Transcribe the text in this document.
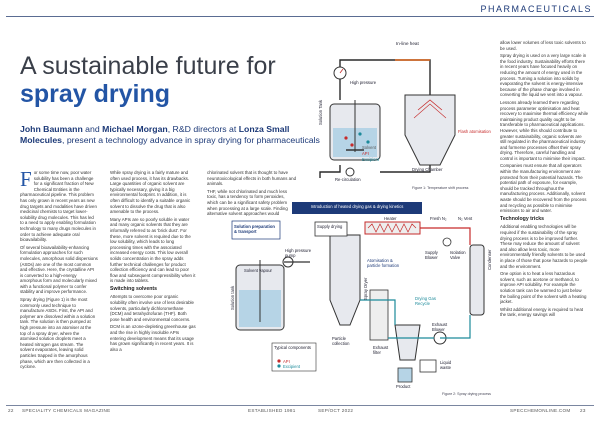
PHARMACEUTICALS
A sustainable future for spray drying
John Baumann and Michael Morgan, R&D directors at Lonza Small Molecules, present a technology advance in spray drying for pharmaceuticals

For some time now, poor water solubility has been a challenge for a significant fraction of New Chemical Entities in the pharmaceutical pipeline. This problem has only grown in recent years as new drug targets and modalities have driven medicinal chemists to target lower-solubility drug molecules. This has led to a need to apply enabling formulation technology to many drugs molecules in order to achieve adequate oral bioavailability.

Of several bioavailability-enhancing formulation approaches for such molecules, amorphous solid dispersions (ASDs) are one of the most common and effective. Here, the crystalline API is converted to a high-energy amorphous form and molecularly mixed with a functional polymer to confer stability and improve performance.

Spray drying (Figure 1) is the most commonly used technique to manufacture ASDs. First, the API and polymer are dissolved within a solution tank. The solution is then pumped at high pressure into an atomiser at the top of a spray dryer, where the atomised solution droplets meet a heated nitrogen gas stream. The solvent evaporates, leaving solid particles trapped in the amorphous phase, which are then collected in a cyclone.

While spray drying is a fairly mature and often used process, it has its drawbacks. Large quantities of organic solvent are typically necessary, giving it a big environmental footprint. In addition, it is often difficult to identify a suitable organic solvent to dissolve the drug that is also amenable to the process.

Many APIs are so poorly soluble in water and many organic solvents that they are informally referred to as 'brick dust'. For these, more solvent is required due to the low solubility, which leads to long processing times with the associated increased energy costs. This low overall solids concentration in the spray adds further technical challenges for product collection efficiency and can lead to poor flow and subsequent compressibility when it is made into tablets.

Switching solvents

Attempts to overcome poor organic solubility often involve use of less desirable solvents, particularly dichloromethane (DCM) and tetrahydrofuran (THF). Both pose health and environmental concerns.

DCM is an ozone-depleting greenhouse gas and the rise in highly insoluble APIs entering development means that its usage has grown significantly in recent years. It is also a

chlorinated solvent that is thought to have neurotoxicological effects in both humans and animals.

THF, while not chlorinated and much less toxic, has a tendency to form peroxides, which can be a significant safety problem when processing at a large scale. Finding alternative solvent approaches would

allow lower volumes of less toxic solvents to be used.

Spray drying is used on a very large scale in the food industry. Sustainability efforts there in recent years have focused heavily on reducing the amount of energy used in the process. Turning a solution into solids by evaporating the solvent is energy-intensive because of the phase change involved in converting the liquid we vent into a vapour.

Lessons already learned there regarding process parameter optimisation and heat recovery to maximise thermal efficiency while maintaining product quality ought to be transferable to pharmaceutical applications. However, while this should contribute to greater sustainability, organic solvents are still regulated in the pharmaceutical industry and formerse processes offset their spray drying. Therefore, careful handling and control is important to minimise their impact.

Companies must ensure that all operators within the manufacturing environment are protected from their potential hazards. The potential path of exposure, for example, should be tracked throughout the manufacturing process. Additionally, solvent waste should be recovered from the process and recycling as possible to minimise emissions to air and water.

Technology tricks

Additional enabling technologies will be required if the sustainability of the spray drying process is to be improved further. These may reduce the amount of solvent and also allow less toxic, more environmentally friendly solvents to be used in place of those that pose hazards to people and the environment.

One option is to heat a less hazardous solvent, such as acetone or methanol, to improve API solubility. For example the solution tank can be warmed to just below the boiling point of the solvent with a heating jacket.

Whilst additional energy is required to heat the tank, energy savings will

In-line heat
High pressure
Solution Tank
Solvent
API
Excipient
Flash atomisation
Drying Chamber
Re-circulation
Figure 1: Temperature shift process
Introduction of heated drying gas & drying kinetics
Solution preparation & transport
High pressure pump
Solvent vapour
Supply drying
Heater	Fresh N₂	N₂ Vent
Supply Blower
Isolation Valve	Condenser
Atomisation & particle formation
Drying Gas Recycle
Exhaust Blower
Spray Dryer
Solution tank
Typical components
API
Excipient
Exhaust filter
Particle collection
Product
Liquid waste
Figure 2: Spray drying process
22 SPECIALITY CHEMICALS MAGAZINE	ESTABLISHED 1981	SEP/OCT 2022	SPECCHEMONLINE.COM 23
